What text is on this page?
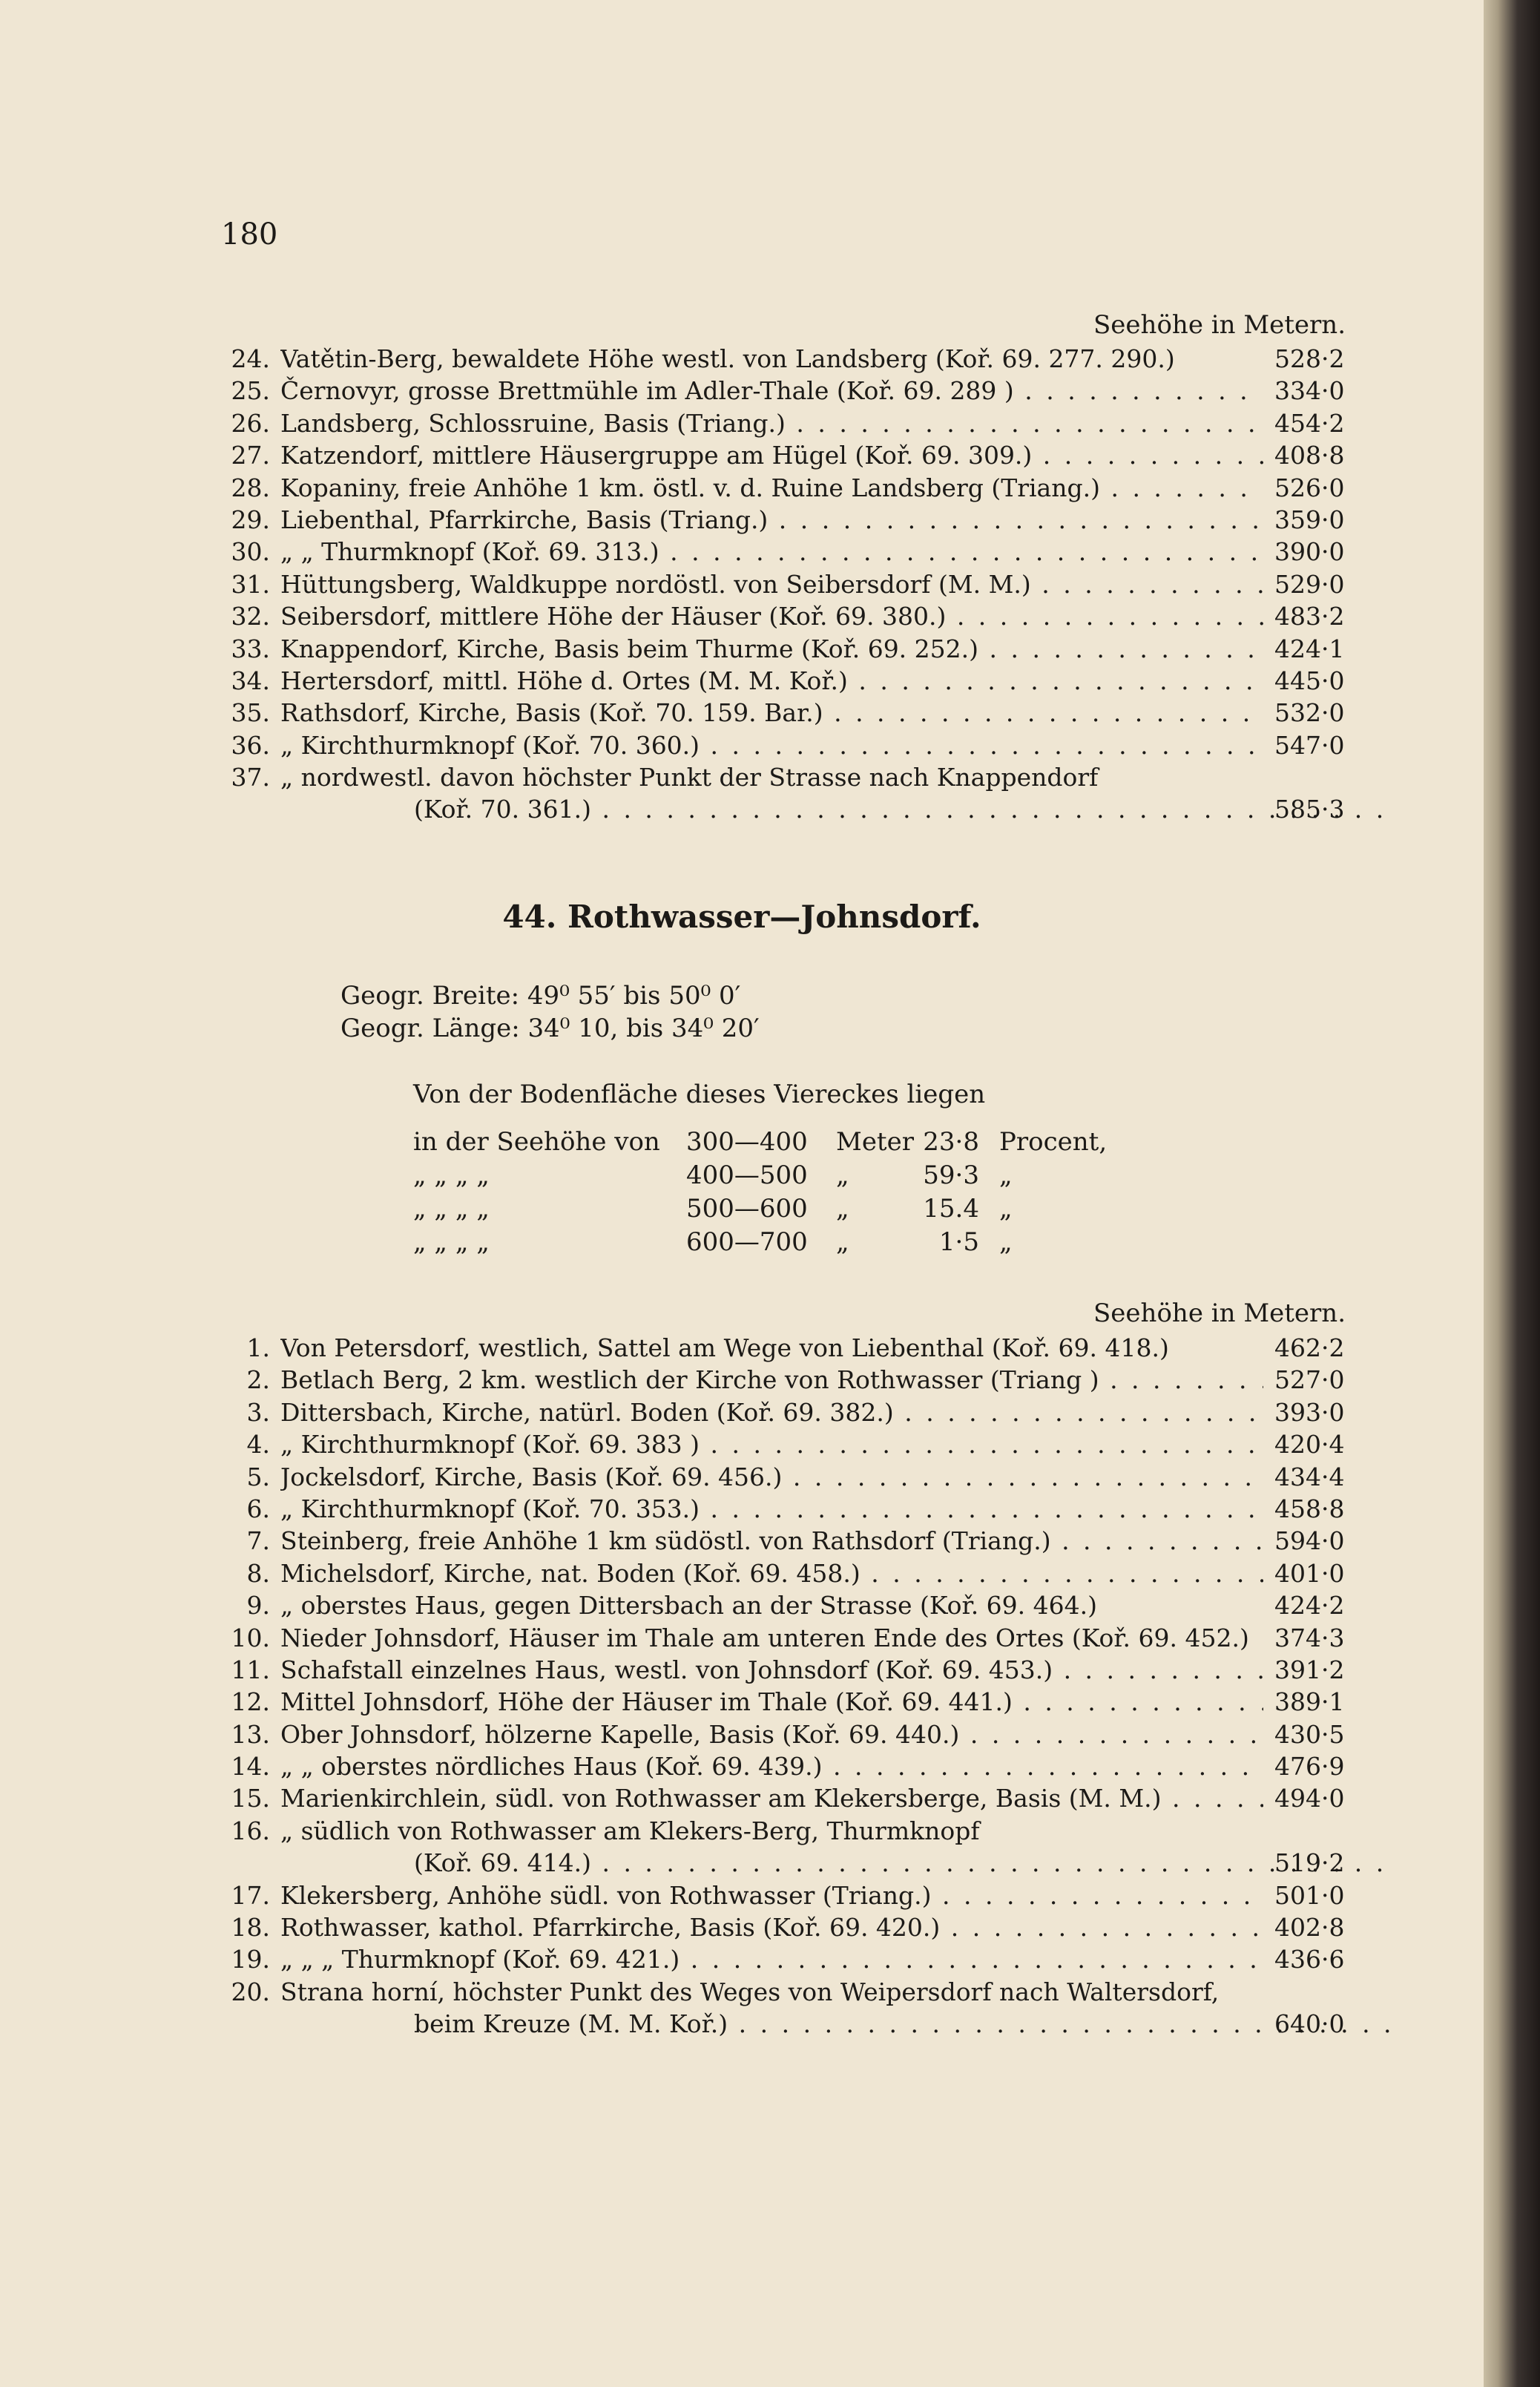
180
Seehöhe in Metern.
24. Vatětin-Berg, bewaldete Höhe westl. von Landsberg (Koř. 69. 277. 290.)	528·2
25. Černovyr, grosse Brettmühle im Adler-Thale (Koř. 69. 289 ) . . .	334·0
26. Landsberg, Schlossruine, Basis (Triang.) . . .	454·2
27. Katzendorf, mittlere Häusergruppe am Hügel (Koř. 69. 309.) . . .	408·8
28. Kopaniny, freie Anhöhe 1 km. östl. v. d. Ruine Landsberg (Triang.) . . .	526·0
29. Liebenthal, Pfarrkirche, Basis (Triang.) . . .	359·0
30. „ „ Thurmknopf (Koř. 69. 313.) . . .	390·0
31. Hüttungsberg, Waldkuppe nordöstl. von Seibersdorf (M. M.) . . .	529·0
32. Seibersdorf, mittlere Höhe der Häuser (Koř. 69. 380.) . . .	483·2
33. Knappendorf, Kirche, Basis beim Thurme (Koř. 69. 252.) . . .	424·1
34. Hertersdorf, mittl. Höhe d. Ortes (M. M. Koř.) . . .	445·0
35. Rathsdorf, Kirche, Basis (Koř. 70. 159. Bar.) . . .	532·0
36. „ Kirchthurmknopf (Koř. 70. 360.) . . .	547·0
37. „ nordwestl. davon höchster Punkt der Strasse nach Knappendorf
(Koř. 70. 361.) . . .	585·3
44. Rothwasser—Johnsdorf.
Geogr. Breite: 49⁰ 55′ bis 50⁰ 0′
Geogr. Länge: 34⁰ 10, bis 34⁰ 20′
Von der Bodenfläche dieses Viereckes liegen
in der Seehöhe von 300—400 Meter 23·8 Procent,
„ „ „ „	400—500 „	59·3 „
„ „ „ „	500—600 „	15.4 „
„ „ „ „	600—700 „	1·5 „
Seehöhe in Metern.
1. Von Petersdorf, westlich, Sattel am Wege von Liebenthal (Koř. 69. 418.)	462·2
2. Betlach Berg, 2 km. westlich der Kirche von Rothwasser (Triang ) . . .	527·0
3. Dittersbach, Kirche, natürl. Boden (Koř. 69. 382.) . . .	393·0
4. „ Kirchthurmknopf (Koř. 69. 383 ) . . .	420·4
5. Jockelsdorf, Kirche, Basis (Koř. 69. 456.) . . .	434·4
6. „ Kirchthurmknopf (Koř. 70. 353.) . . .	458·8
7. Steinberg, freie Anhöhe 1 km südöstl. von Rathsdorf (Triang.) . . .	594·0
8. Michelsdorf, Kirche, nat. Boden (Koř. 69. 458.) . . .	401·0
9. „ oberstes Haus, gegen Dittersbach an der Strasse (Koř. 69. 464.)	424·2
10. Nieder Johnsdorf, Häuser im Thale am unteren Ende des Ortes (Koř. 69. 452.)	374·3
11. Schafstall einzelnes Haus, westl. von Johnsdorf (Koř. 69. 453.) . . .	391·2
12. Mittel Johnsdorf, Höhe der Häuser im Thale (Koř. 69. 441.) . . .	389·1
13. Ober Johnsdorf, hölzerne Kapelle, Basis (Koř. 69. 440.) . . .	430·5
14. „ „ oberstes nördliches Haus (Koř. 69. 439.) . . .	476·9
15. Marienkirchlein, südl. von Rothwasser am Klekersberge, Basis (M. M.) . . .	494·0
16. „ südlich von Rothwasser am Klekers-Berg, Thurmknopf
(Koř. 69. 414.) . . .	519·2
17. Klekersberg, Anhöhe südl. von Rothwasser (Triang.) . . .	501·0
18. Rothwasser, kathol. Pfarrkirche, Basis (Koř. 69. 420.) . . .	402·8
19. „ „ „ Thurmknopf (Koř. 69. 421.) . . .	436·6
20. Strana horní, höchster Punkt des Weges von Weipersdorf nach Waltersdorf,
beim Kreuze (M. M. Koř.) . . .	640·0
